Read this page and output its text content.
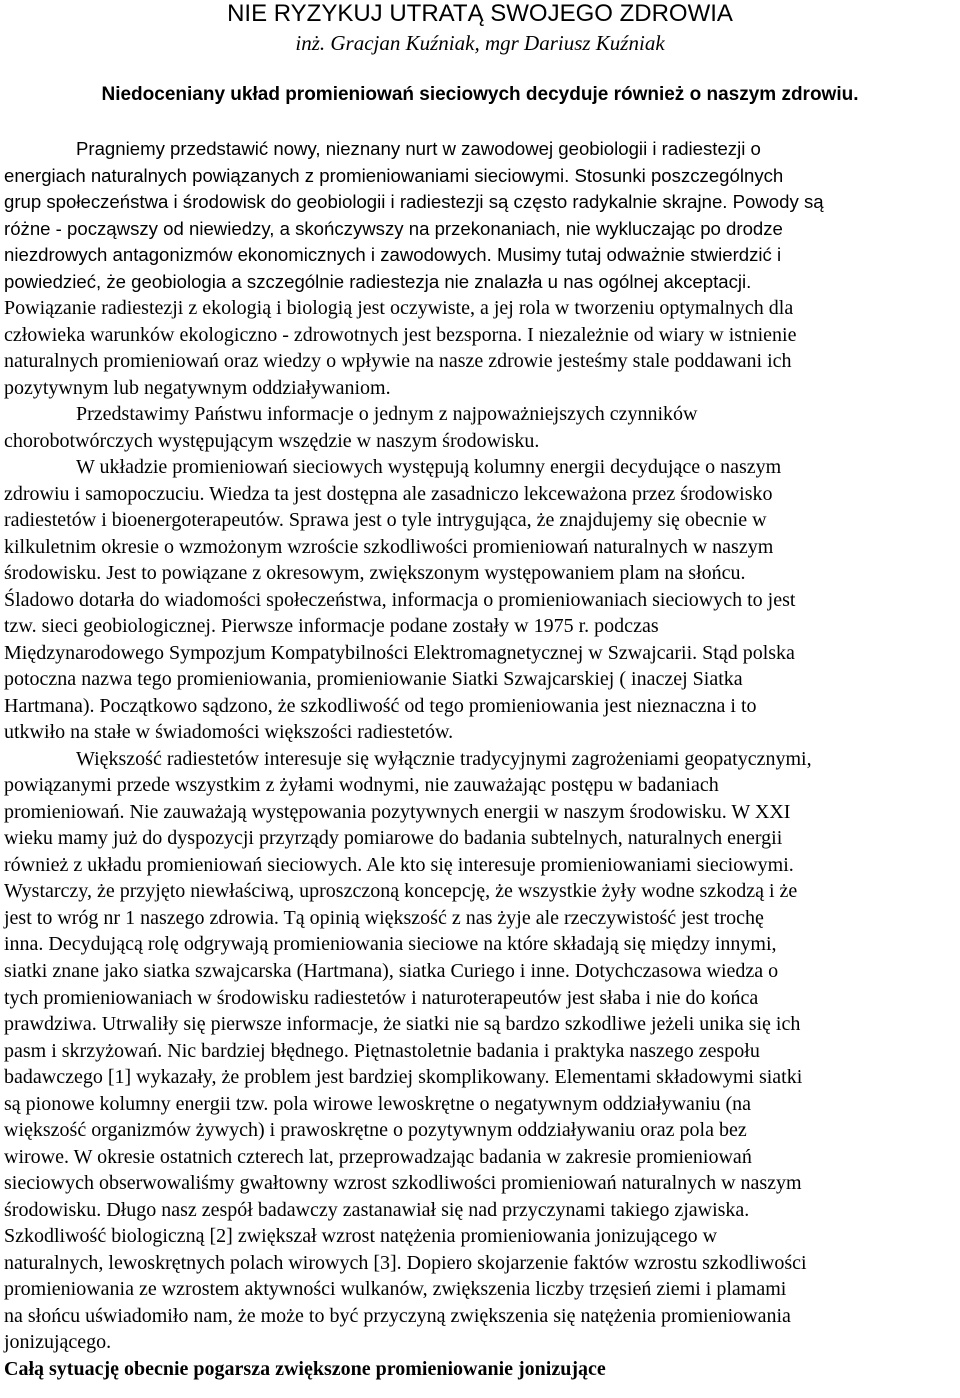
NIE RYZYKUJ UTRATĄ SWOJEGO ZDROWIA
inż. Gracjan Kuźniak, mgr Dariusz Kuźniak
Niedoceniany układ promieniowań sieciowych decyduje również o naszym zdrowiu.
Pragniemy przedstawić nowy, nieznany nurt w zawodowej geobiologii i radiestezji o
energiach naturalnych powiązanych z promieniowaniami sieciowymi. Stosunki poszczególnych
grup społeczeństwa i środowisk do geobiologii i radiestezji są często radykalnie skrajne. Powody są
różne - począwszy od niewiedzy, a skończywszy na przekonaniach, nie wykluczając po drodze
niezdrowych antagonizmów ekonomicznych i zawodowych. Musimy tutaj odważnie stwierdzić i
powiedzieć, że geobiologia a szczególnie radiestezja nie znalazła u nas ogólnej akceptacji.
Powiązanie radiestezji z ekologią i biologią jest oczywiste, a jej rola w tworzeniu optymalnych dla
człowieka warunków ekologiczno - zdrowotnych jest bezsporna. I niezależnie od wiary w istnienie
naturalnych promieniowań oraz wiedzy o wpływie na nasze zdrowie jesteśmy stale poddawani ich
pozytywnym lub negatywnym oddziaływaniom.
Przedstawimy Państwu informacje o jednym z najpoważniejszych czynników
chorobotwórczych występującym wszędzie w naszym środowisku.
W układzie promieniowań sieciowych występują kolumny energii decydujące o naszym
zdrowiu i samopoczuciu. Wiedza ta jest dostępna ale zasadniczo lekceważona przez środowisko
radiestetów i bioenergoterapeutów. Sprawa jest o tyle intrygująca, że znajdujemy się obecnie w
kilkuletnim okresie o wzmożonym wzroście szkodliwości promieniowań naturalnych w naszym
środowisku. Jest to powiązane z okresowym, zwiększonym występowaniem plam na słońcu.
Śladowo dotarła do wiadomości społeczeństwa, informacja o promieniowaniach sieciowych to jest
tzw. sieci geobiologicznej. Pierwsze informacje podane zostały w 1975 r. podczas
Międzynarodowego Sympozjum Kompatybilności Elektromagnetycznej w Szwajcarii. Stąd polska
potoczna nazwa tego promieniowania, promieniowanie Siatki Szwajcarskiej ( inaczej Siatka
Hartmana). Początkowo sądzono, że szkodliwość od tego promieniowania jest nieznaczna i to
utkwiło na stałe w świadomości większości radiestetów.
Większość radiestetów interesuje się wyłącznie tradycyjnymi zagrożeniami geopatycznymi,
powiązanymi przede wszystkim z żyłami wodnymi, nie zauważając postępu w badaniach
promieniowań. Nie zauważają występowania pozytywnych energii w naszym środowisku. W XXI
wieku mamy już do dyspozycji przyrządy pomiarowe do badania subtelnych, naturalnych energii
również z układu promieniowań sieciowych. Ale kto się interesuje promieniowaniami sieciowymi.
Wystarczy, że przyjęto niewłaściwą, uproszczoną koncepcję, że wszystkie żyły wodne szkodzą i że
jest to wróg nr 1 naszego zdrowia. Tą opinią większość z nas żyje ale rzeczywistość jest trochę
inna. Decydującą rolę odgrywają promieniowania sieciowe na które składają się między innymi,
siatki znane jako siatka szwajcarska (Hartmana), siatka Curiego i inne. Dotychczasowa wiedza o
tych promieniowaniach w środowisku radiestetów i naturoterapeutów jest słaba i nie do końca
prawdziwa. Utrwaliły się pierwsze informacje, że siatki nie są bardzo szkodliwe jeżeli unika się ich
pasm i skrzyżowań. Nic bardziej błędnego. Piętnastoletnie badania i praktyka naszego zespołu
badawczego [1] wykazały, że problem jest bardziej skomplikowany. Elementami składowymi siatki
są pionowe kolumny energii tzw. pola wirowe lewoskrętne o negatywnym oddziaływaniu (na
większość organizmów żywych) i prawoskrętne o pozytywnym oddziaływaniu oraz pola bez
wirowe. W okresie ostatnich czterech lat, przeprowadzając badania w zakresie promieniowań
sieciowych obserwowaliśmy gwałtowny wzrost szkodliwości promieniowań naturalnych w naszym
środowisku. Długo nasz zespół badawczy zastanawiał się nad przyczynami takiego zjawiska.
Szkodliwość biologiczną [2] zwiększał wzrost natężenia promieniowania jonizującego w
naturalnych, lewoskrętnych polach wirowych [3]. Dopiero skojarzenie faktów wzrostu szkodliwości
promieniowania ze wzrostem aktywności wulkanów, zwiększenia liczby trzęsień ziemi i plamami
na słońcu uświadomiło nam, że może to być przyczyną zwiększenia się natężenia promieniowania
jonizującego.
Całą sytuację obecnie pogarsza zwiększone promieniowanie jonizujące
